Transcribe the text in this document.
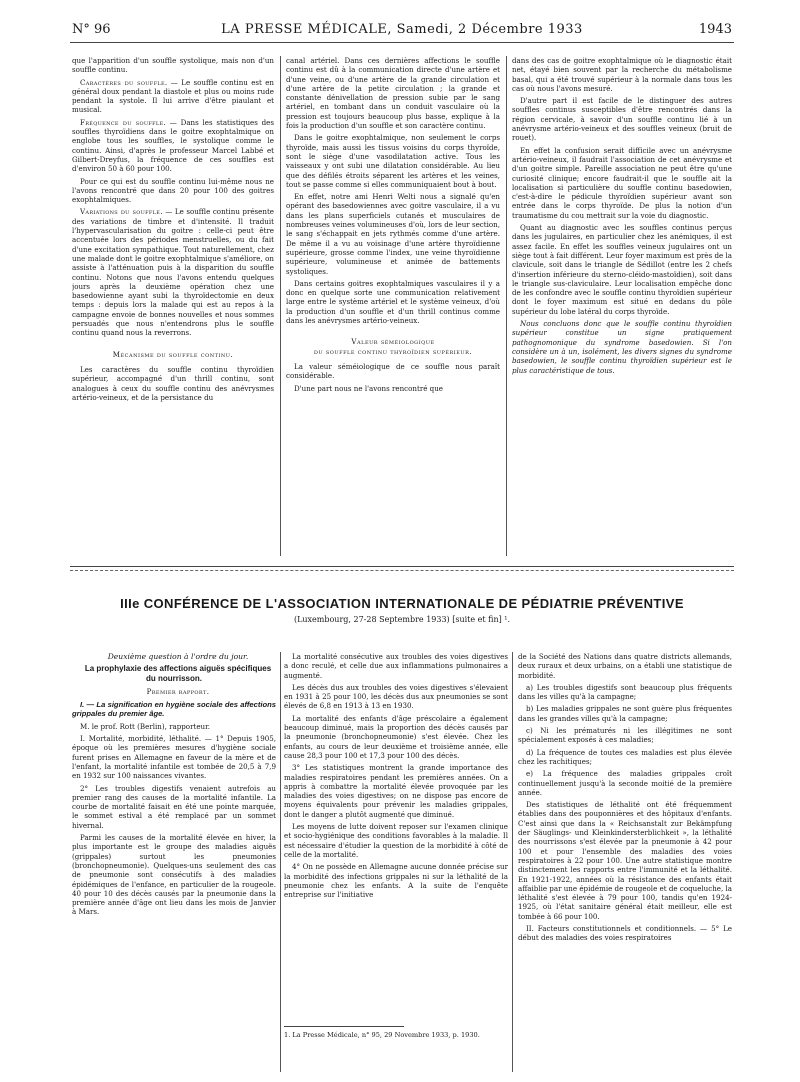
N° 96	LA PRESSE MÉDICALE, Samedi, 2 Décembre 1933	1943

que l'apparition d'un souffle systolique, mais non d'un souffle continu.

Caractères du souffle. — Le souffle continu est en général doux pendant la diastole et plus ou moins rude pendant la systole. Il lui arrive d'être piaulant et musical.

Fréquence du souffle. — Dans les statistiques des souffles thyroïdiens dans le goitre exophtalmique on englobe tous les souffles, le systolique comme le continu. Ainsi, d'après le professeur Marcel Labbé et Gilbert-Dreyfus, la fréquence de ces souffles est d'environ 50 à 60 pour 100.

Pour ce qui est du souffle continu lui-même nous ne l'avons rencontré que dans 20 pour 100 des goitres exophtalmiques.

Variations du souffle. — Le souffle continu présente des variations de timbre et d'intensité. Il traduit l'hypervascularisation du goitre : celle-ci peut être accentuée lors des périodes menstruelles, ou du fait d'une excitation sympathique. Tout naturellement, chez une malade dont le goitre exophtalmique s'améliore, on assiste à l'atténuation puis à la disparition du souffle continu. Notons que nous l'avons entendu quelques jours après la deuxième opération chez une basedowienne ayant subi la thyroïdectomie en deux temps : depuis lors la malade qui est au repos à la campagne envoie de bonnes nouvelles et nous sommes persuadés que nous n'entendrons plus le souffle continu quand nous la reverrons.

Mécanisme du souffle continu.

Les caractères du souffle continu thyroïdien supérieur, accompagné d'un thrill continu, sont analogues à ceux du souffle continu des anévrysmes artério-veineux, et de la persistance du

canal artériel. Dans ces dernières affections le souffle continu est dû à la communication directe d'une artère et d'une veine, ou d'une artère de la grande circulation et d'une artère de la petite circulation ; la grande et constante dénivellation de pression subie par le sang artériel, en tombant dans un conduit vasculaire où la pression est toujours beaucoup plus basse, explique à la fois la production d'un souffle et son caractère continu.

Dans le goitre exophtalmique, non seulement le corps thyroïde, mais aussi les tissus voisins du corps thyroïde, sont le siège d'une vasodilatation active. Tous les vaisseaux y ont subi une dilatation considérable. Au lieu que des défilés étroits séparent les artères et les veines, tout se passe comme si elles communiquaient bout à bout.

En effet, notre ami Henri Welti nous a signalé qu'en opérant des basedowiennes avec goitre vasculaire, il a vu dans les plans superficiels cutanés et musculaires de nombreuses veines volumineuses d'où, lors de leur section, le sang s'échappait en jets rythmés comme d'une artère. De même il a vu au voisinage d'une artère thyroïdienne supérieure, grosse comme l'index, une veine thyroïdienne supérieure, volumineuse et animée de battements systoliques.

Dans certains goitres exophtalmiques vasculaires il y a donc en quelque sorte une communication relativement large entre le système artériel et le système veineux, d'où la production d'un souffle et d'un thrill continus comme dans les anévrysmes artério-veineux.

Valeur séméiologique

du souffle continu thyroïdien supérieur.

La valeur séméiologique de ce souffle nous paraît considérable.

D'une part nous ne l'avons rencontré que

dans des cas de goitre exophtalmique où le diagnostic était net, étayé bien souvent par la recherche du métabolisme basal, qui a été trouvé supérieur à la normale dans tous les cas où nous l'avons mesuré.

D'autre part il est facile de le distinguer des autres souffles continus susceptibles d'être rencontrés dans la région cervicale, à savoir d'un souffle continu lié à un anévrysme artério-veineux et des souffles veineux (bruit de rouet).

En effet la confusion serait difficile avec un anévrysme artério-veineux, il faudrait l'association de cet anévrysme et d'un goitre simple. Pareille association ne peut être qu'une curiosité clinique; encore faudrait-il que le souffle ait la localisation si particulière du souffle continu basedowien, c'est-à-dire le pédicule thyroïdien supérieur avant son entrée dans le corps thyroïde. De plus la notion d'un traumatisme du cou mettrait sur la voie du diagnostic.

Quant au diagnostic avec les souffles continus perçus dans les jugulaires, en particulier chez les anémiques, il est assez facile. En effet les souffles veineux jugulaires ont un siège tout à fait différent. Leur foyer maximum est près de la clavicule, soit dans le triangle de Sédillot (entre les 2 chefs d'insertion inférieure du sterno-cléido-mastoïdien), soit dans le triangle sus-claviculaire. Leur localisation empêche donc de les confondre avec le souffle continu thyroïdien supérieur dont le foyer maximum est situé en dedans du pôle supérieur du lobe latéral du corps thyroïde.

Nous concluons donc que le souffle continu thyroïdien supérieur constitue un signe pratiquement pathognomonique du syndrome basedowien. Si l'on considère un à un, isolément, les divers signes du syndrome basedowien, le souffle continu thyroïdien supérieur est le plus caractéristique de tous.

IIIe CONFÉRENCE DE L'ASSOCIATION INTERNATIONALE DE PÉDIATRIE PRÉVENTIVE
(Luxembourg, 27-28 Septembre 1933) [suite et fin] ¹.

Deuxième question à l'ordre du jour.

La prophylaxie des affections aiguës spécifiques du nourrisson.

Premier rapport.

I. — La signification en hygiène sociale des affections grippales du premier âge.

M. le prof. Rott (Berlin), rapporteur.

I. Mortalité, morbidité, léthalité. — 1° Depuis 1905, époque où les premières mesures d'hygiène sociale furent prises en Allemagne en faveur de la mère et de l'enfant, la mortalité infantile est tombée de 20,5 à 7,9 en 1932 sur 100 naissances vivantes.

2° Les troubles digestifs venaient autrefois au premier rang des causes de la mortalité infantile. La courbe de mortalité faisait en été une pointe marquée, le sommet estival a été remplacé par un sommet hivernal.

Parmi les causes de la mortalité élevée en hiver, la plus importante est le groupe des maladies aiguës (grippales) surtout les pneumonies (bronchopneumonie). Quelques-uns seulement des cas de pneumonie sont consécutifs à des maladies épidémiques de l'enfance, en particulier de la rougeole. 40 pour 10 des décès causés par la pneumonie dans la première année d'âge ont lieu dans les mois de Janvier à Mars.

La mortalité consécutive aux troubles des voies digestives a donc reculé, et celle due aux inflammations pulmonaires a augmenté.

Les décès dus aux troubles des voies digestives s'élevaient en 1931 à 25 pour 100, les décès dus aux pneumonies se sont élevés de 6,8 en 1913 à 13 en 1930.

La mortalité des enfants d'âge préscolaire a également beaucoup diminué, mais la proportion des décès causés par la pneumonie (bronchopneumonie) s'est élevée. Chez les enfants, au cours de leur deuxième et troisième année, elle cause 28,3 pour 100 et 17,3 pour 100 des décès.

3° Les statistiques montrent la grande importance des maladies respiratoires pendant les premières années. On a appris à combattre la mortalité élevée provoquée par les maladies des voies digestives; on ne dispose pas encore de moyens équivalents pour prévenir les maladies grippales, dont le danger a plutôt augmenté que diminué.

Les moyens de lutte doivent reposer sur l'examen clinique et socio-hygiénique des conditions favorables à la maladie. Il est nécessaire d'étudier la question de la morbidité à côté de celle de la mortalité.

4° On ne possède en Allemagne aucune donnée précise sur la morbidité des infections grippales ni sur la léthalité de la pneumonie chez les enfants. A la suite de l'enquête entreprise sur l'initiative

1. La Presse Médicale, n° 95, 29 Novembre 1933, p. 1930.

de la Société des Nations dans quatre districts allemands, deux ruraux et deux urbains, on a établi une statistique de morbidité.

a) Les troubles digestifs sont beaucoup plus fréquents dans les villes qu'à la campagne;

b) Les maladies grippales ne sont guère plus fréquentes dans les grandes villes qu'à la campagne;

c) Ni les prématurés ni les illégitimes ne sont spécialement exposés à ces maladies;

d) La fréquence de toutes ces maladies est plus élevée chez les rachitiques;

e) La fréquence des maladies grippales croît continuellement jusqu'à la seconde moitié de la première année.

Des statistiques de léthalité ont été fréquemment établies dans des pouponnières et des hôpitaux d'enfants. C'est ainsi que dans la « Reichsanstalt zur Bekämpfung der Säuglings- und Kleinkindersterblichkeit », la léthalité des nourrissons s'est élevée par la pneumonie à 42 pour 100 et pour l'ensemble des maladies des voies respiratoires à 22 pour 100. Une autre statistique montre distinctement les rapports entre l'immunité et la léthalité. En 1921-1922, années où la résistance des enfants était affaiblie par une épidémie de rougeole et de coqueluche, la léthalité s'est élevée à 79 pour 100, tandis qu'en 1924-1925, où l'état sanitaire général était meilleur, elle est tombée à 66 pour 100.

II. Facteurs constitutionnels et conditionnels. — 5° Le début des maladies des voies respiratoires
